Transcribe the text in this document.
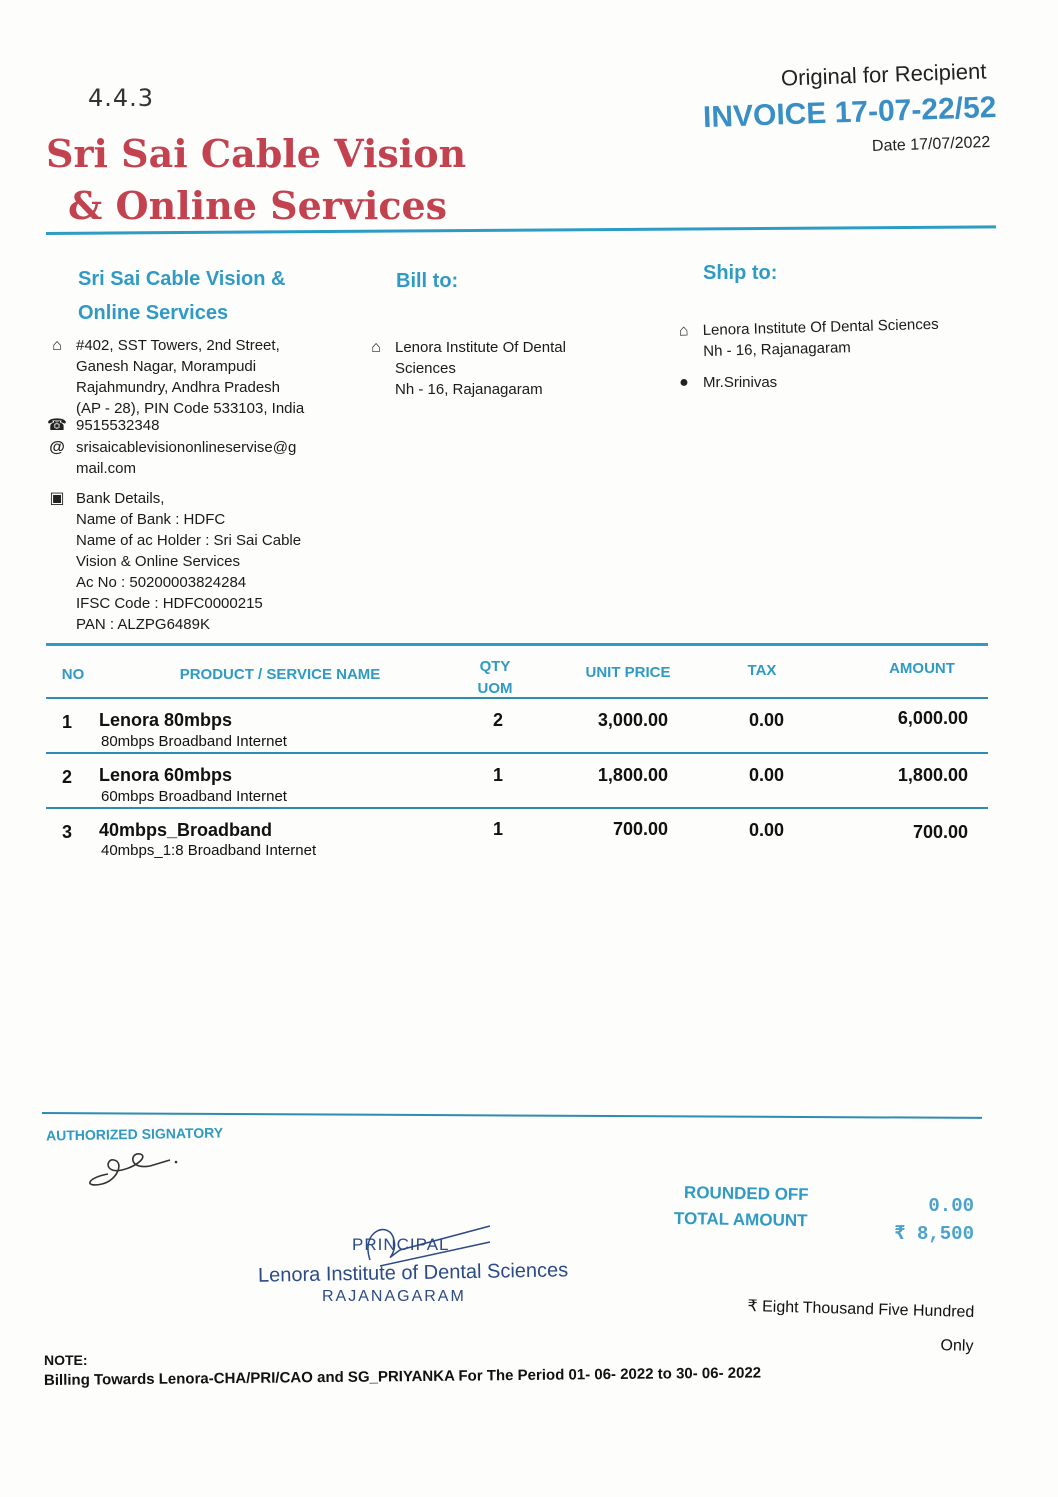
4.4.3
Sri Sai Cable Vision
& Online Services
Original for Recipient
INVOICE 17-07-22/52
Date 17/07/2022
Sri Sai Cable Vision &
Online Services
⌂ #402, SST Towers, 2nd Street,
Ganesh Nagar, Morampudi
Rajahmundry, Andhra Pradesh
(AP - 28), PIN Code 533103, India
☎ 9515532348
@ srisaicablevisiononlineservise@g
mail.com
▣ Bank Details,
Name of Bank : HDFC
Name of ac Holder : Sri Sai Cable
Vision & Online Services
Ac No : 50200003824284
IFSC Code : HDFC0000215
PAN : ALZPG6489K
Bill to:
⌂ Lenora Institute Of Dental
Sciences
Nh - 16, Rajanagaram
Ship to:
⌂ Lenora Institute Of Dental Sciences
Nh - 16, Rajanagaram
● Mr.Srinivas
NO	PRODUCT / SERVICE NAME	QTY
UOM
UNIT PRICE	TAX	AMOUNT
1 Lenora 80mbps
80mbps Broadband Internet
2	3,000.00	0.00	6,000.00
2 Lenora 60mbps
60mbps Broadband Internet
1	1,800.00	0.00	1,800.00
3 40mbps_Broadband
40mbps_1:8 Broadband Internet
1	700.00	0.00	700.00
AUTHORIZED SIGNATORY
ROUNDED OFF
TOTAL AMOUNT
0.00
₹ 8,500
₹ Eight Thousand Five Hundred
Only
PRINCIPAL
Lenora Institute of Dental Sciences
RAJANAGARAM
NOTE:
Billing Towards Lenora-CHA/PRI/CAO and SG_PRIYANKA For The Period 01- 06- 2022 to 30- 06- 2022
